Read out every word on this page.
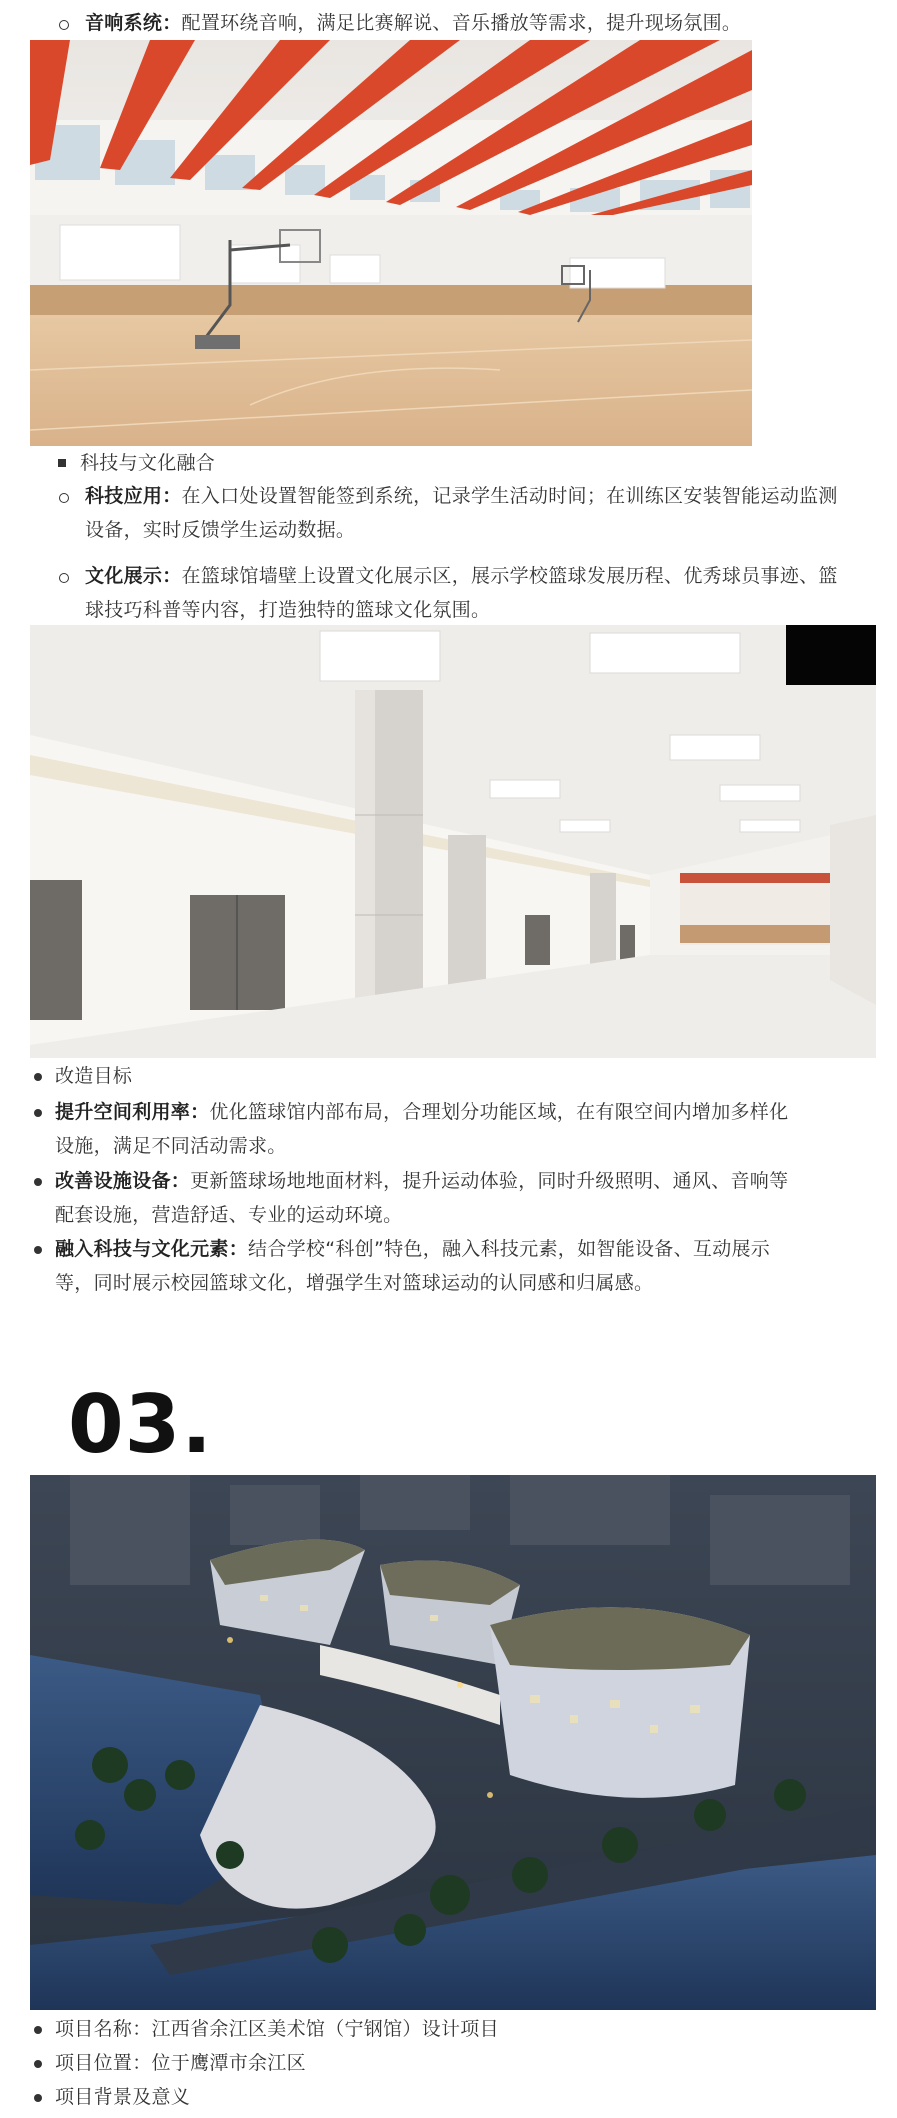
音响系统：配置环绕音响，满足比赛解说、音乐播放等需求，提升现场氛围。
科技与文化融合
科技应用：在入口处设置智能签到系统，记录学生活动时间；在训练区安装智能运动监测
设备，实时反馈学生运动数据。
文化展示：在篮球馆墙壁上设置文化展示区，展示学校篮球发展历程、优秀球员事迹、篮
球技巧科普等内容，打造独特的篮球文化氛围。
改造目标
提升空间利用率：优化篮球馆内部布局，合理划分功能区域，在有限空间内增加多样化
设施，满足不同活动需求。
改善设施设备：更新篮球场地地面材料，提升运动体验，同时升级照明、通风、音响等
配套设施，营造舒适、专业的运动环境。
融入科技与文化元素：结合学校“科创”特色，融入科技元素，如智能设备、互动展示
等，同时展示校园篮球文化，增强学生对篮球运动的认同感和归属感。
03.
项目名称：江西省余江区美术馆（宁钢馆）设计项目
项目位置：位于鹰潭市余江区
项目背景及意义
